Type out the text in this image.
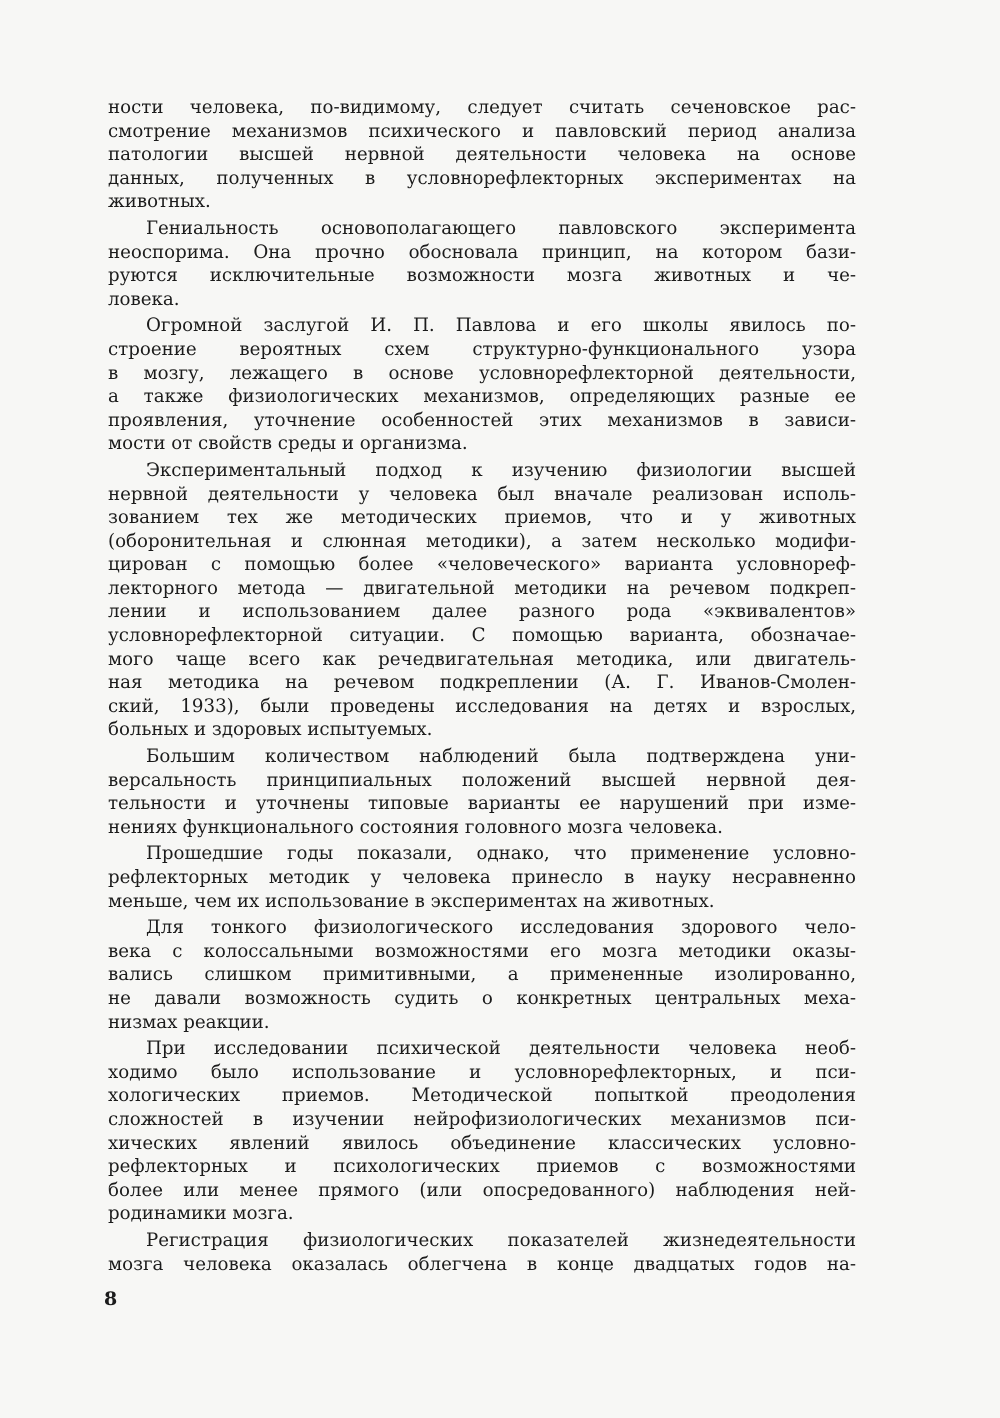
ности человека, по-видимому, следует считать сеченовское рас-
смотрение механизмов психического и павловский период анализа
патологии высшей нервной деятельности человека на основе
данных, полученных в условнорефлекторных экспериментах на
животных.
Гениальность основополагающего павловского эксперимента
неоспорима. Она прочно обосновала принцип, на котором бази-
руются исключительные возможности мозга животных и че-
ловека.
Огромной заслугой И. П. Павлова и его школы явилось по-
строение вероятных схем структурно-функционального узора
в мозгу, лежащего в основе условнорефлекторной деятельности,
а также физиологических механизмов, определяющих разные ее
проявления, уточнение особенностей этих механизмов в зависи-
мости от свойств среды и организма.
Экспериментальный подход к изучению физиологии высшей
нервной деятельности у человека был вначале реализован исполь-
зованием тех же методических приемов, что и у животных
(оборонительная и слюнная методики), а затем несколько модифи-
цирован с помощью более «человеческого» варианта условнореф-
лекторного метода — двигательной методики на речевом подкреп-
лении и использованием далее разного рода «эквивалентов»
условнорефлекторной ситуации. С помощью варианта, обозначае-
мого чаще всего как речедвигательная методика, или двигатель-
ная методика на речевом подкреплении (А. Г. Иванов-Смолен-
ский, 1933), были проведены исследования на детях и взрослых,
больных и здоровых испытуемых.
Большим количеством наблюдений была подтверждена уни-
версальность принципиальных положений высшей нервной дея-
тельности и уточнены типовые варианты ее нарушений при изме-
нениях функционального состояния головного мозга человека.
Прошедшие годы показали, однако, что применение условно-
рефлекторных методик у человека принесло в науку несравненно
меньше, чем их использование в экспериментах на животных.
Для тонкого физиологического исследования здорового чело-
века с колоссальными возможностями его мозга методики оказы-
вались слишком примитивными, а примененные изолированно,
не давали возможность судить о конкретных центральных меха-
низмах реакции.
При исследовании психической деятельности человека необ-
ходимо было использование и условнорефлекторных, и пси-
хологических приемов. Методической попыткой преодоления
сложностей в изучении нейрофизиологических механизмов пси-
хических явлений явилось объединение классических условно-
рефлекторных и психологических приемов с возможностями
более или менее прямого (или опосредованного) наблюдения ней-
родинамики мозга.
Регистрация физиологических показателей жизнедеятельности
мозга человека оказалась облегчена в конце двадцатых годов на-
8
